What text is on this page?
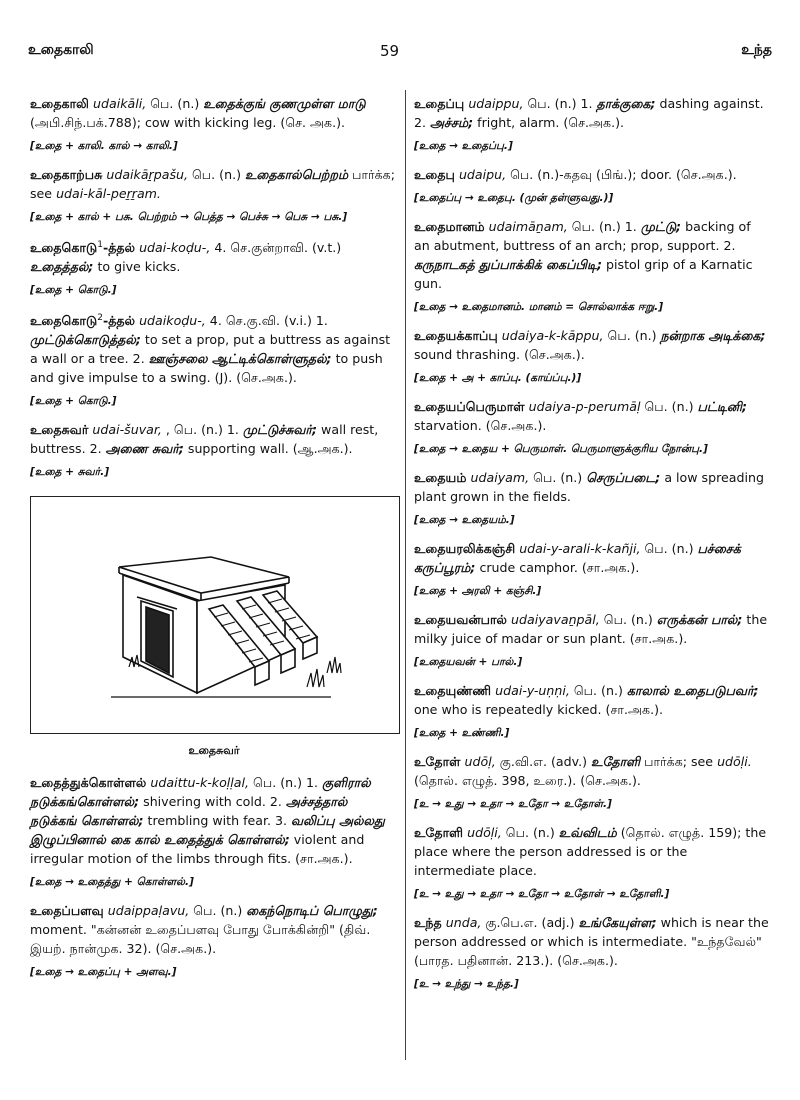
உதைகாலி	59	உந்த
உதைகாலி udaikāli, பெ. (n.) உதைக்குங் குணமுள்ள மாடு (அபி.சிந்.பக்.788); cow with kicking leg. (செ. அக.).
[உதை + காலி. கால் → காலி.]
உதைகாற்பசு udaikāṟpašu, பெ. (n.) உதைகால்பெற்றம் பார்க்க; see udai-kāl-peṟṟam.
[உதை + கால் + பசு. பெற்றம் → பெத்த → பெச்சு → பெசு → பசு.]
உதைகொடு$^1$-த்தல் udai-koḍu-, 4. செ.குன்றாவி. (v.t.) உதைத்தல்; to give kicks.
[உதை + கொடு.]
உதைகொடு$^2$-த்தல் udaikoḍu-, 4. செ.கு.வி. (v.i.) 1. முட்டுக்கொடுத்தல்; to set a prop, put a buttress as against a wall or a tree. 2. ஊஞ்சலை ஆட்டிக்கொள்ளுதல்; to push and give impulse to a swing. (J). (செ.அக.).
[உதை + கொடு.]
உதைசுவர் udai-šuvar, , பெ. (n.) 1. முட்டுச்சுவர்; wall rest, buttress. 2. அணை சுவர்; supporting wall. (ஆ.அக.).
[உதை + சுவர்.]
உதைசுவர்
உதைத்துக்கொள்ளல் udaittu-k-koḷḷal, பெ. (n.) 1. குளிரால் நடுக்கங்கொள்ளல்; shivering with cold. 2. அச்சத்தால் நடுக்கங் கொள்ளல்; trembling with fear. 3. வலிப்பு அல்லது இழுப்பினால் கை கால் உதைத்துக் கொள்ளல்; violent and irregular motion of the limbs through fits. (சா.அக.).
[உதை → உதைத்து + கொள்ளல்.]
உதைப்பளவு udaippaḷavu, பெ. (n.) கைந்நொடிப் பொழுது; moment. "கன்னன் உதைப்பளவு போது போக்கின்றி" (திவ். இயற். நான்முக. 32). (செ.அக.).
[உதை → உதைப்பு + அளவு.]
உதைப்பு udaippu, பெ. (n.) 1. தாக்குகை; dashing against. 2. அச்சம்; fright, alarm. (செ.அக.).
[உதை → உதைப்பு.]
உதைபு udaipu, பெ. (n.)-கதவு (பிங்.); door. (செ.அக.).
[உதைப்பு → உதைபு. (முன் தள்ளுவது.)]
உதைமானம் udaimāṉam, பெ. (n.) 1. முட்டு; backing of an abutment, buttress of an arch; prop, support. 2. கருநாடகத் துப்பாக்கிக் கைப்பிடி; pistol grip of a Karnatic gun.
[உதை → உதைமானம். மானம் = சொல்லாக்க ஈறு.]
உதையக்காப்பு udaiya-k-kāppu, பெ. (n.) நன்றாக அடிக்கை; sound thrashing. (செ.அக.).
[உதை + அ + காப்பு. (காய்ப்பு.)]
உதையப்பெருமாள் udaiya-p-perumāḷ பெ. (n.) பட்டினி; starvation. (செ.அக.).
[உதை → உதைய + பெருமாள். பெருமாளுக்குரிய நோன்பு.]
உதையம் udaiyam, பெ. (n.) செருப்படை; a low spreading plant grown in the fields.
[உதை → உதையம்.]
உதையரலிக்கஞ்சி udai-y-arali-k-kañji, பெ. (n.) பச்சைக் கருப்பூரம்; crude camphor. (சா.அக.).
[உதை + அரலி + கஞ்சி.]
உதையவன்பால் udaiyavaṉpāl, பெ. (n.) எருக்கன் பால்; the milky juice of madar or sun plant. (சா.அக.).
[உதையவன் + பால்.]
உதையுண்ணி udai-y-uṇṇi, பெ. (n.) காலால் உதைபடுபவர்; one who is repeatedly kicked. (சா.அக.).
[உதை + உண்ணி.]
உதோள் udōḷ, கு.வி.எ. (adv.) உதோளி பார்க்க; see udōḷi. (தொல். எழுத். 398, உரை.). (செ.அக.).
[உ → உது → உதா → உதோ → உதோள்.]
உதோளி udōḷi, பெ. (n.) உவ்விடம் (தொல். எழுத். 159); the place where the person addressed is or the intermediate place.
[உ → உது → உதா → உதோ → உதோள் → உதோளி.]
உந்த unda, கு.பெ.எ. (adj.) உங்கேயுள்ள; which is near the person addressed or which is intermediate. "உந்தவேல்" (பாரத. பதினான். 213.). (செ.அக.).
[உ → உந்து → உந்த.]
